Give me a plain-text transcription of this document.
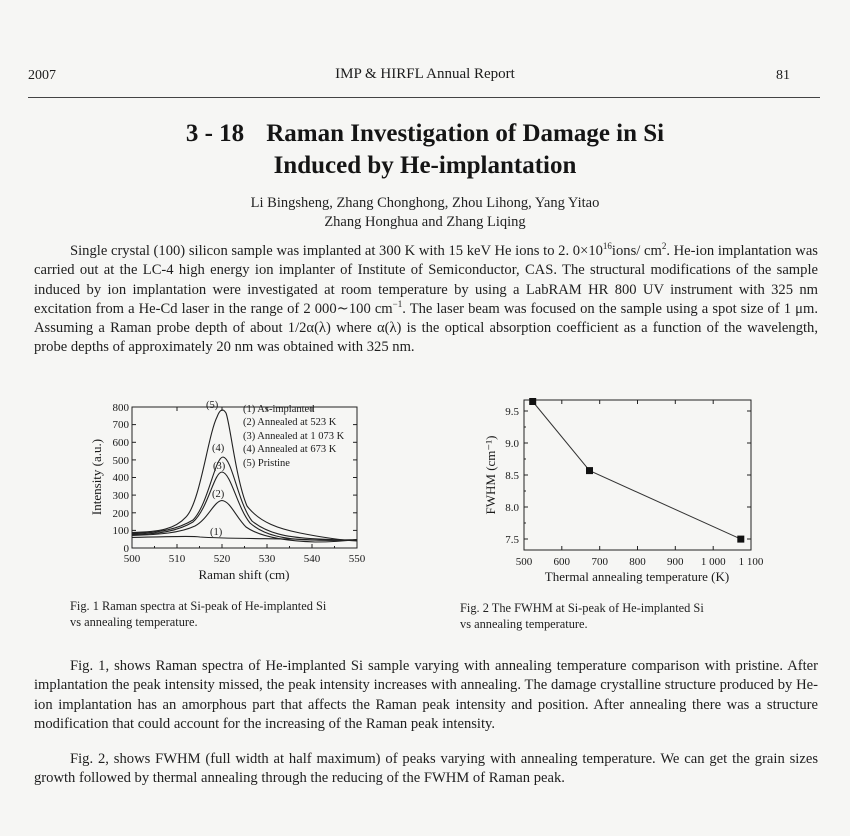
2007	IMP & HIRFL Annual Report	81
3 - 18 Raman Investigation of Damage in Si
Induced by He-implantation
Li Bingsheng, Zhang Chonghong, Zhou Lihong, Yang Yitao
Zhang Honghua and Zhang Liqing
Single crystal (100) silicon sample was implanted at 300 K with 15 keV He ions to 2. $0\times 10^{16}ions/$ $cm^2$. He-ion implantation was carried out at the LC-4 high energy ion implanter of Institute of Semiconductor, CAS. The structural modifications of the sample induced by ion implantation were investigated at room temperature by using a LabRAM HR 800 UV instrument with 325 nm excitation from a He-Cd laser in the range of 2 000∼100 $cm^{-1}$. The laser beam was focused on the sample using a spot size of 1 μm. Assuming a Raman probe depth of about 1/2α(λ) where α(λ) is the optical absorption coefficient as a function of the wavelength, probe depths of approximately 20 nm was obtained with 325 nm.
0
100
200
300
400
500
600
700
800
500	510	520	530	540	550
Raman shift (cm)
Intensity (a.u.)
(5)
(4)
(3)
(2)
(1)
(1) As-implanted
(2) Annealed at 523 K
(3) Annealed at 1 073 K
(4) Annealed at 673 K
(5) Pristine
7.5
8.0
8.5
9.0
9.5
500 600 700 800 900 1 000 1 100
Thermal annealing temperature (K)
FWHM (cm⁻¹)
Fig. 1 Raman spectra at Si-peak of He-implanted Si
vs annealing temperature.
Fig. 2 The FWHM at Si-peak of He-implanted Si
vs annealing temperature.
Fig. 1, shows Raman spectra of He-implanted Si sample varying with annealing temperature comparison with pristine. After implantation the peak intensity missed, the peak intensity increases with annealing. The damage crystalline structure produced by He-ion implantation has an amorphous part that affects the Raman peak intensity and position. After annealing there was a structure modification that could account for the increasing of the Raman peak intensity.
Fig. 2, shows FWHM (full width at half maximum) of peaks varying with annealing temperature. We can get the grain sizes growth followed by thermal annealing through the reducing of the FWHM of Raman peak.
